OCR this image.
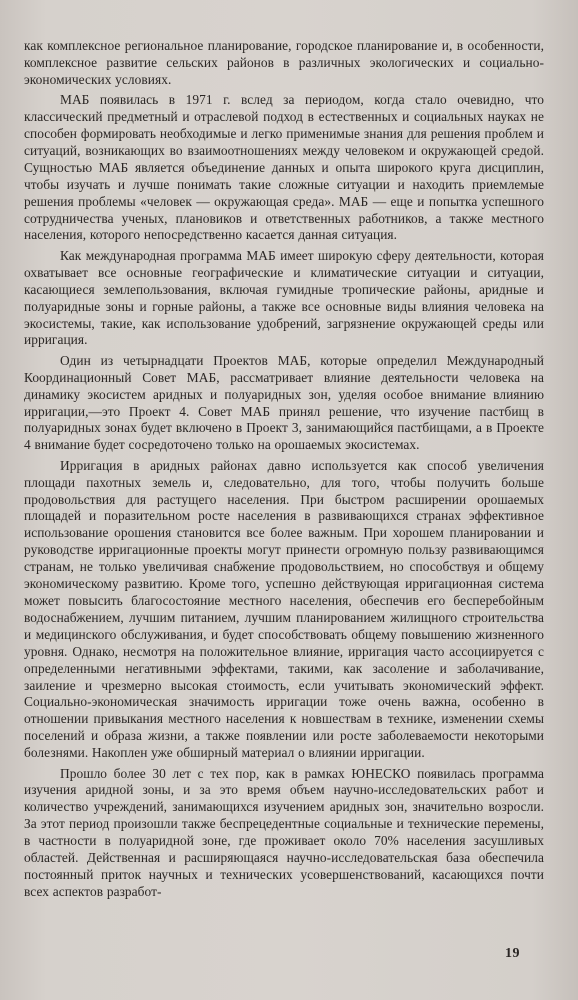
как комплексное региональное планирование, городское планирование и, в особенности, комплексное развитие сельских районов в различных экологических и социально-экономических условиях.

МАБ появилась в 1971 г. вслед за периодом, когда стало очевидно, что классический предметный и отраслевой подход в естественных и социальных науках не способен формировать необходимые и легко применимые знания для решения проблем и ситуаций, возникающих во взаимоотношениях между человеком и окружающей средой. Сущностью МАБ является объединение данных и опыта широкого круга дисциплин, чтобы изучать и лучше понимать такие сложные ситуации и находить приемлемые решения проблемы «человек — окружающая среда». МАБ — еще и попытка успешного сотрудничества ученых, плановиков и ответственных работников, а также местного населения, которого непосредственно касается данная ситуация.

Как международная программа МАБ имеет широкую сферу деятельности, которая охватывает все основные географические и климатические ситуации и ситуации, касающиеся землепользования, включая гумидные тропические районы, аридные и полуаридные зоны и горные районы, а также все основные виды влияния человека на экосистемы, такие, как использование удобрений, загрязнение окружающей среды или ирригация.

Один из четырнадцати Проектов МАБ, которые определил Международный Координационный Совет МАБ, рассматривает влияние деятельности человека на динамику экосистем аридных и полуаридных зон, уделяя особое внимание влиянию ирригации,—это Проект 4. Совет МАБ принял решение, что изучение пастбищ в полуаридных зонах будет включено в Проект 3, занимающийся пастбищами, а в Проекте 4 внимание будет сосредоточено только на орошаемых экосистемах.

Ирригация в аридных районах давно используется как способ увеличения площади пахотных земель и, следовательно, для того, чтобы получить больше продовольствия для растущего населения. При быстром расширении орошаемых площадей и поразительном росте населения в развивающихся странах эффективное использование орошения становится все более важным. При хорошем планировании и руководстве ирригационные проекты могут принести огромную пользу развивающимся странам, не только увеличивая снабжение продовольствием, но способствуя и общему экономическому развитию. Кроме того, успешно действующая ирригационная система может повысить благосостояние местного населения, обеспечив его бесперебойным водоснабжением, лучшим питанием, лучшим планированием жилищного строительства и медицинского обслуживания, и будет способствовать общему повышению жизненного уровня. Однако, несмотря на положительное влияние, ирригация часто ассоциируется с определенными негативными эффектами, такими, как засоление и заболачивание, заиление и чрезмерно высокая стоимость, если учитывать экономический эффект. Социально-экономическая значимость ирригации тоже очень важна, особенно в отношении привыкания местного населения к новшествам в технике, изменении схемы поселений и образа жизни, а также появлении или росте заболеваемости некоторыми болезнями. Накоплен уже обширный материал о влиянии ирригации.

Прошло более 30 лет с тех пор, как в рамках ЮНЕСКО появилась программа изучения аридной зоны, и за это время объем научно-исследовательских работ и количество учреждений, занимающихся изучением аридных зон, значительно возросли. За этот период произошли также беспрецедентные социальные и технические перемены, в частности в полуаридной зоне, где проживает около 70% населения засушливых областей. Действенная и расширяющаяся научно-исследовательская база обеспечила постоянный приток научных и технических усовершенствований, касающихся почти всех аспектов разработ-

19
